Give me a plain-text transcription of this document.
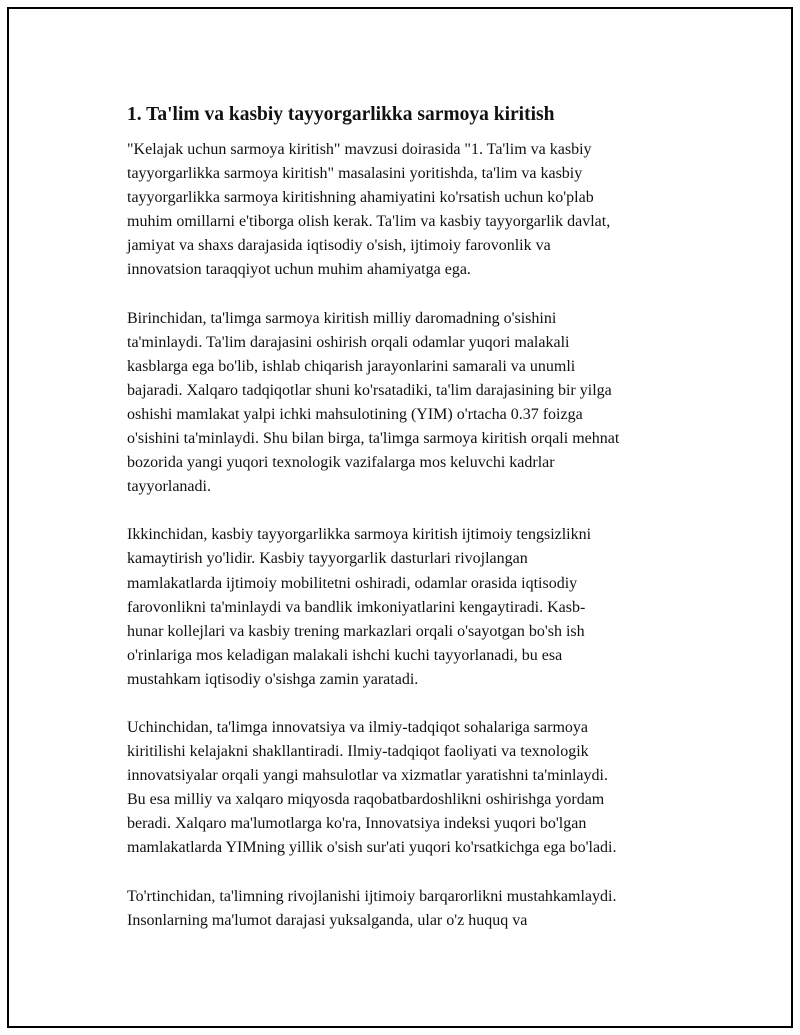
1. Ta'lim va kasbiy tayyorgarlikka sarmoya kiritish
"Kelajak uchun sarmoya kiritish" mavzusi doirasida "1. Ta'lim va kasbiy
tayyorgarlikka sarmoya kiritish" masalasini yoritishda, ta'lim va kasbiy
tayyorgarlikka sarmoya kiritishning ahamiyatini ko'rsatish uchun ko'plab
muhim omillarni e'tiborga olish kerak. Ta'lim va kasbiy tayyorgarlik davlat,
jamiyat va shaxs darajasida iqtisodiy o'sish, ijtimoiy farovonlik va
innovatsion taraqqiyot uchun muhim ahamiyatga ega.
Birinchidan, ta'limga sarmoya kiritish milliy daromadning o'sishini
ta'minlaydi. Ta'lim darajasini oshirish orqali odamlar yuqori malakali
kasblarga ega bo'lib, ishlab chiqarish jarayonlarini samarali va unumli
bajaradi. Xalqaro tadqiqotlar shuni ko'rsatadiki, ta'lim darajasining bir yilga
oshishi mamlakat yalpi ichki mahsulotining (YIM) o'rtacha 0.37 foizga
o'sishini ta'minlaydi. Shu bilan birga, ta'limga sarmoya kiritish orqali mehnat
bozorida yangi yuqori texnologik vazifalarga mos keluvchi kadrlar
tayyorlanadi.
Ikkinchidan, kasbiy tayyorgarlikka sarmoya kiritish ijtimoiy tengsizlikni
kamaytirish yo'lidir. Kasbiy tayyorgarlik dasturlari rivojlangan
mamlakatlarda ijtimoiy mobilitetni oshiradi, odamlar orasida iqtisodiy
farovonlikni ta'minlaydi va bandlik imkoniyatlarini kengaytiradi. Kasb-
hunar kollejlari va kasbiy trening markazlari orqali o'sayotgan bo'sh ish
o'rinlariga mos keladigan malakali ishchi kuchi tayyorlanadi, bu esa
mustahkam iqtisodiy o'sishga zamin yaratadi.
Uchinchidan, ta'limga innovatsiya va ilmiy-tadqiqot sohalariga sarmoya
kiritilishi kelajakni shakllantiradi. Ilmiy-tadqiqot faoliyati va texnologik
innovatsiyalar orqali yangi mahsulotlar va xizmatlar yaratishni ta'minlaydi.
Bu esa milliy va xalqaro miqyosda raqobatbardoshlikni oshirishga yordam
beradi. Xalqaro ma'lumotlarga ko'ra, Innovatsiya indeksi yuqori bo'lgan
mamlakatlarda YIMning yillik o'sish sur'ati yuqori ko'rsatkichga ega bo'ladi.
To'rtinchidan, ta'limning rivojlanishi ijtimoiy barqarorlikni mustahkamlaydi.
Insonlarning ma'lumot darajasi yuksalganda, ular o'z huquq va
